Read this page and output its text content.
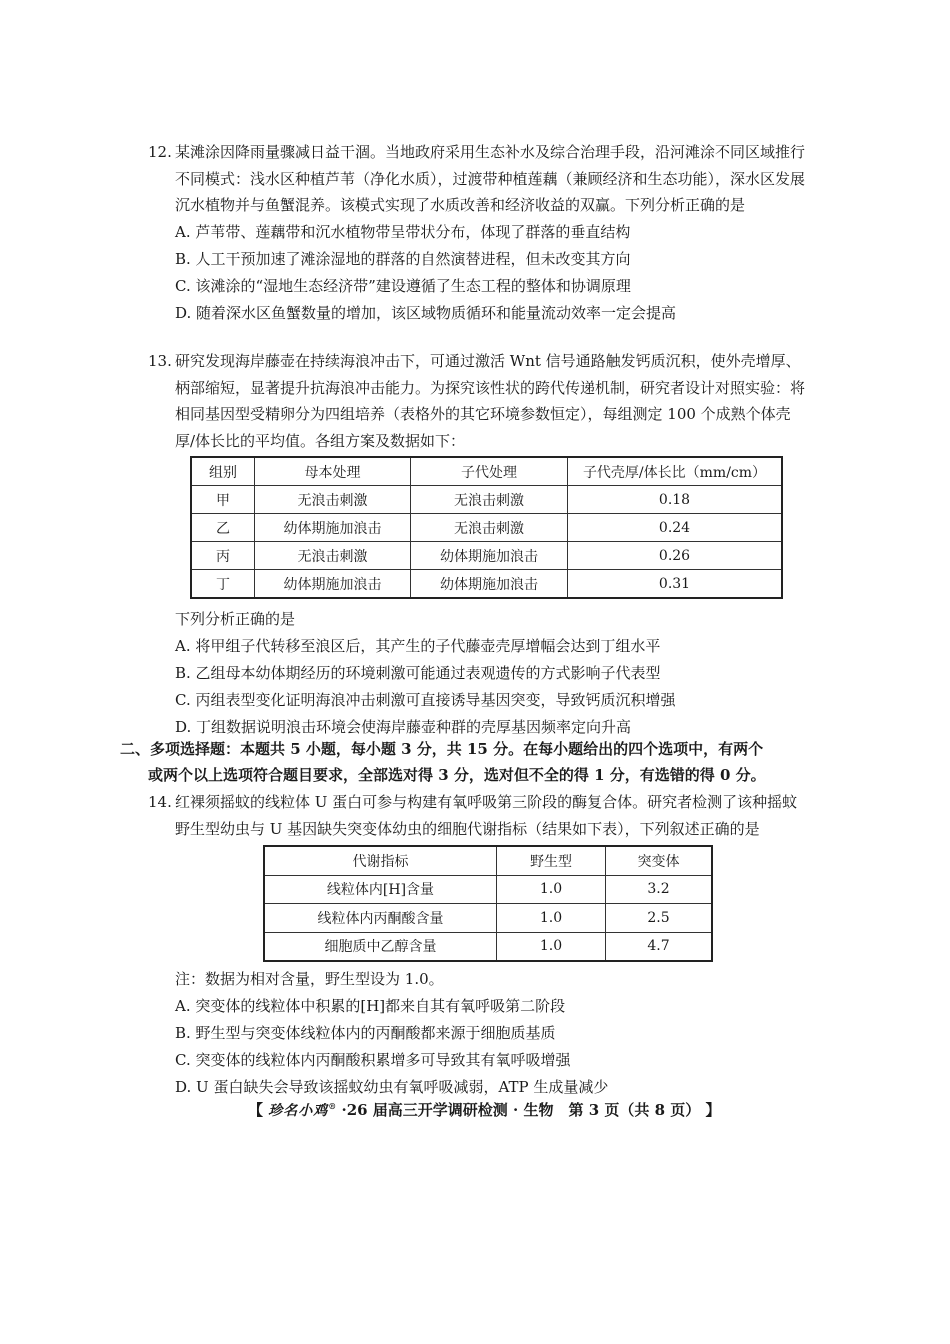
12. 某滩涂因降雨量骤减日益干涸。当地政府采用生态补水及综合治理手段，沿河滩涂不同区域推行不同模式：浅水区种植芦苇（净化水质），过渡带种植莲藕（兼顾经济和生态功能），深水区发展沉水植物并与鱼蟹混养。该模式实现了水质改善和经济收益的双赢。下列分析正确的是
A. 芦苇带、莲藕带和沉水植物带呈带状分布，体现了群落的垂直结构
B. 人工干预加速了滩涂湿地的群落的自然演替进程，但未改变其方向
C. 该滩涂的“湿地生态经济带”建设遵循了生态工程的整体和协调原理
D. 随着深水区鱼蟹数量的增加，该区域物质循环和能量流动效率一定会提高
13. 研究发现海岸藤壶在持续海浪冲击下，可通过激活 Wnt 信号通路触发钙质沉积，使外壳增厚、柄部缩短，显著提升抗海浪冲击能力。为探究该性状的跨代传递机制，研究者设计对照实验：将相同基因型受精卵分为四组培养（表格外的其它环境参数恒定），每组测定 100 个成熟个体壳厚/体长比的平均值。各组方案及数据如下：
组别	母本处理	子代处理	子代壳厚/体长比（mm/cm）
甲	无浪击刺激	无浪击刺激	0.18
乙	幼体期施加浪击	无浪击刺激	0.24
丙	无浪击刺激	幼体期施加浪击	0.26
丁	幼体期施加浪击	幼体期施加浪击	0.31
下列分析正确的是
A. 将甲组子代转移至浪区后，其产生的子代藤壶壳厚增幅会达到丁组水平
B. 乙组母本幼体期经历的环境刺激可能通过表观遗传的方式影响子代表型
C. 丙组表型变化证明海浪冲击刺激可直接诱导基因突变，导致钙质沉积增强
D. 丁组数据说明浪击环境会使海岸藤壶种群的壳厚基因频率定向升高
二、多项选择题：本题共 5 小题，每小题 3 分，共 15 分。在每小题给出的四个选项中，有两个
或两个以上选项符合题目要求，全部选对得 3 分，选对但不全的得 1 分，有选错的得 0 分。
14. 红裸须摇蚊的线粒体 U 蛋白可参与构建有氧呼吸第三阶段的酶复合体。研究者检测了该种摇蚊野生型幼虫与 U 基因缺失突变体幼虫的细胞代谢指标（结果如下表），下列叙述正确的是
代谢指标	野生型	突变体
线粒体内[H]含量	1.0	3.2
线粒体内丙酮酸含量	1.0	2.5
细胞质中乙醇含量	1.0	4.7
注：数据为相对含量，野生型设为 1.0。
A. 突变体的线粒体中积累的[H]都来自其有氧呼吸第二阶段
B. 野生型与突变体线粒体内的丙酮酸都来源于细胞质基质
C. 突变体的线粒体内丙酮酸积累增多可导致其有氧呼吸增强
D. U 蛋白缺失会导致该摇蚊幼虫有氧呼吸减弱，ATP 生成量减少
【 珍名小鸡® ·26 届高三开学调研检测 · 生物　第 3 页（共 8 页） 】
